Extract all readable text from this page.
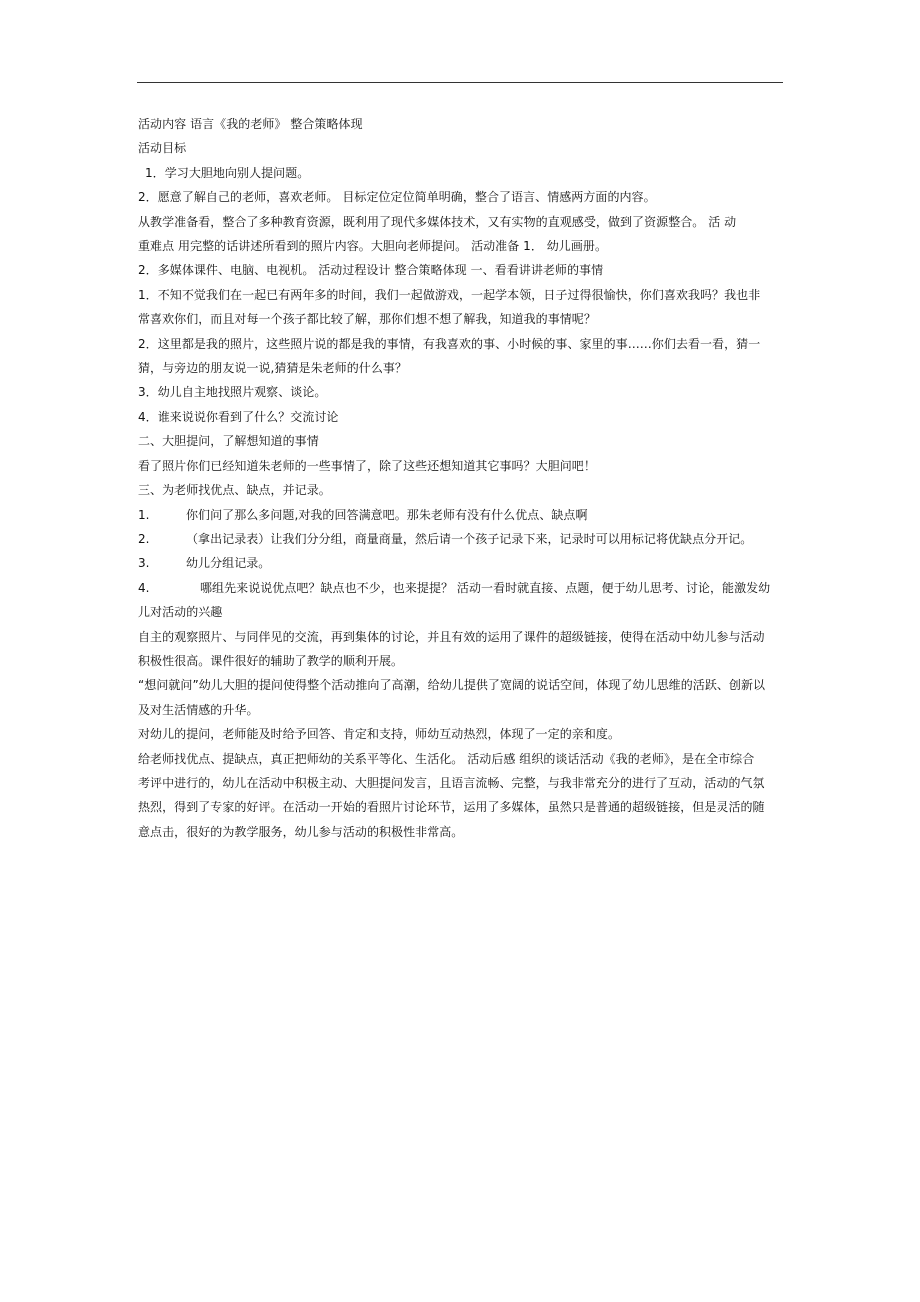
活动内容 语言《我的老师》 整合策略体现
活动目标
1．学习大胆地向别人提问题。
2．愿意了解自己的老师，喜欢老师。 目标定位定位简单明确，整合了语言、情感两方面的内容。
从教学准备看，整合了多种教育资源，既利用了现代多媒体技术，又有实物的直观感受，做到了资源整合。 活 动
重难点 用完整的话讲述所看到的照片内容。大胆向老师提问。 活动准备 1． 幼儿画册。
2．多媒体课件、电脑、电视机。 活动过程设计 整合策略体现 一、看看讲讲老师的事情
1．不知不觉我们在一起已有两年多的时间，我们一起做游戏，一起学本领，日子过得很愉快，你们喜欢我吗？我也非
常喜欢你们，而且对每一个孩子都比较了解，那你们想不想了解我，知道我的事情呢？
2．这里都是我的照片，这些照片说的都是我的事情，有我喜欢的事、小时候的事、家里的事……你们去看一看，猜一
猜，与旁边的朋友说一说,猜猜是朱老师的什么事？
3．幼儿自主地找照片观察、谈论。
4．谁来说说你看到了什么？交流讨论
二、大胆提问，了解想知道的事情
看了照片你们已经知道朱老师的一些事情了，除了这些还想知道其它事吗？大胆问吧！
三、为老师找优点、缺点，并记录。
1.	你们问了那么多问题,对我的回答满意吧。那朱老师有没有什么优点、缺点啊
2.	（拿出记录表）让我们分分组，商量商量，然后请一个孩子记录下来，记录时可以用标记将优缺点分开记。
3.	幼儿分组记录。
4.	哪组先来说说优点吧？缺点也不少，也来提提？ 活动一看时就直接、点题，便于幼儿思考、讨论，能激发幼
儿对活动的兴趣
自主的观察照片、与同伴见的交流，再到集体的讨论，并且有效的运用了课件的超级链接，使得在活动中幼儿参与活动
积极性很高。课件很好的辅助了教学的顺利开展。
“想问就问”幼儿大胆的提问使得整个活动推向了高潮，给幼儿提供了宽阔的说话空间，体现了幼儿思维的活跃、创新以
及对生活情感的升华。
对幼儿的提问，老师能及时给予回答、肯定和支持，师幼互动热烈，体现了一定的亲和度。
给老师找优点、提缺点，真正把师幼的关系平等化、生活化。 活动后感 组织的谈话活动《我的老师》，是在全市综合
考评中进行的，幼儿在活动中积极主动、大胆提问发言，且语言流畅、完整，与我非常充分的进行了互动，活动的气氛
热烈，得到了专家的好评。在活动一开始的看照片讨论环节，运用了多媒体，虽然只是普通的超级链接，但是灵活的随
意点击，很好的为教学服务，幼儿参与活动的积极性非常高。
